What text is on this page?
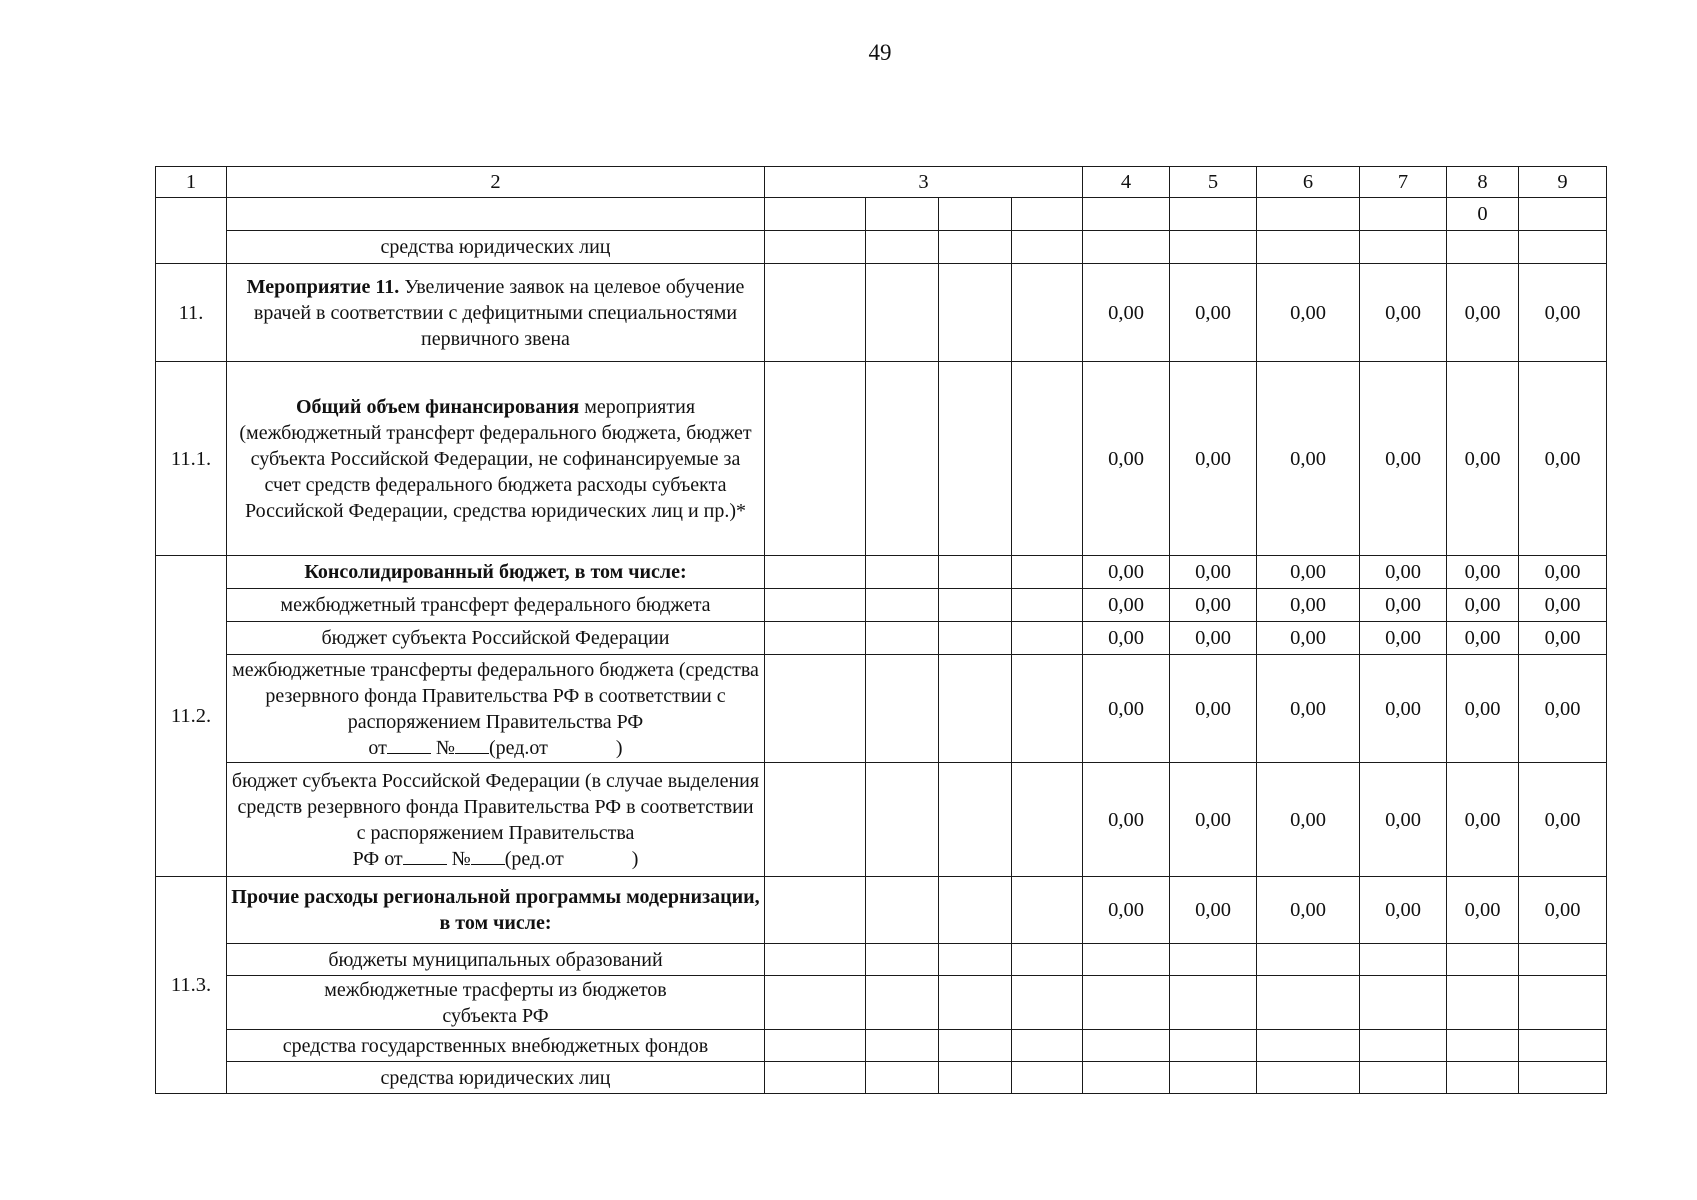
49
1	2	3				4	5	6	7	8	9
										0	
	средства юридических лиц										
11.	Мероприятие 11. Увеличение заявок на целевое обучение врачей в соответствии с дефицитными специальностями первичного звена					0,00	0,00	0,00	0,00	0,00	0,00
11.1.	Общий объем финансирования мероприятия (межбюджетный трансферт федерального бюджета, бюджет субъекта Российской Федерации, не софинансируемые за счет средств федерального бюджета расходы субъекта Российской Федерации, средства юридических лиц и пр.)*					0,00	0,00	0,00	0,00	0,00	0,00
11.2.	Консолидированный бюджет, в том числе:					0,00	0,00	0,00	0,00	0,00	0,00
	межбюджетный трансферт федерального бюджета					0,00	0,00	0,00	0,00	0,00	0,00
	бюджет субъекта Российской Федерации					0,00	0,00	0,00	0,00	0,00	0,00
	межбюджетные трансферты федерального бюджета (средства резервного фонда Правительства РФ в соответствии с распоряжением Правительства РФ
от № (ред.от )					0,00	0,00	0,00	0,00	0,00	0,00
	бюджет субъекта Российской Федерации (в случае выделения средств резервного фонда Правительства РФ в соответствии с распоряжением Правительства
РФ от № (ред.от )					0,00	0,00	0,00	0,00	0,00	0,00
11.3.	Прочие расходы региональной программы модернизации, в том числе:					0,00	0,00	0,00	0,00	0,00	0,00
	бюджеты муниципальных образований										
	межбюджетные трасферты из бюджетов субъекта РФ										
	средства государственных внебюджетных фондов										
	средства юридических лиц										
